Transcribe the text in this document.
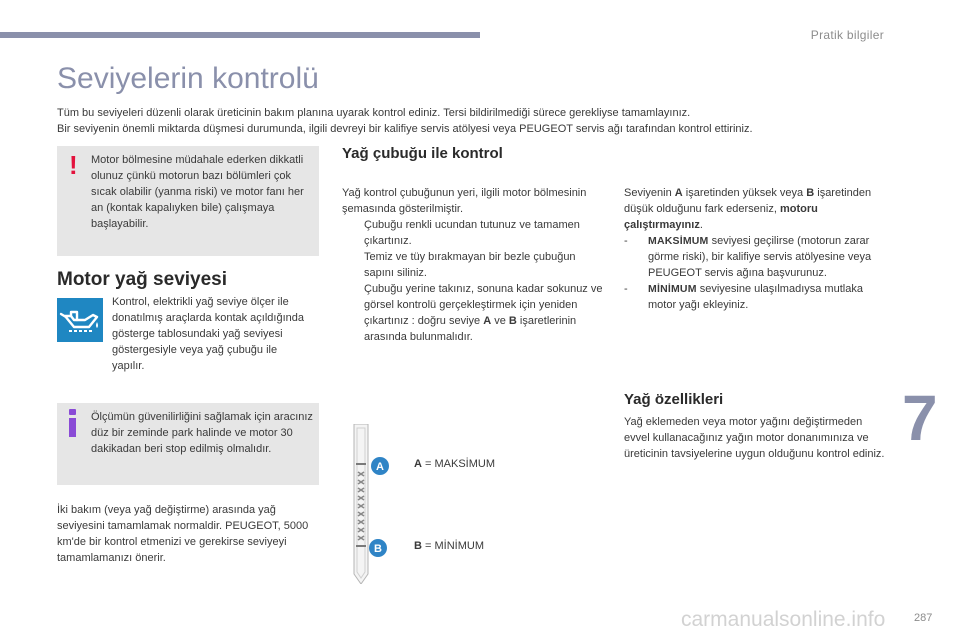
Pratik bilgiler
Seviyelerin kontrolü
Tüm bu seviyeleri düzenli olarak üreticinin bakım planına uyarak kontrol ediniz. Tersi bildirilmediği sürece gerekliyse tamamlayınız.
Bir seviyenin önemli miktarda düşmesi durumunda, ilgili devreyi bir kalifiye servis atölyesi veya PEUGEOT servis ağı tarafından kontrol ettiriniz.
! Motor bölmesine müdahale ederken dikkatli olunuz çünkü motorun bazı bölümleri çok sıcak olabilir (yanma riski) ve motor fanı her an (kontak kapalıyken bile) çalışmaya başlayabilir.

Motor yağ seviyesi

Kontrol, elektrikli yağ seviye ölçer ile donatılmış araçlarda kontak açıldığında gösterge tablosundaki yağ seviyesi göstergesiyle veya yağ çubuğu ile yapılır.

Ölçümün güvenilirliğini sağlamak için aracınız düz bir zeminde park halinde ve motor 30 dakikadan beri stop edilmiş olmalıdır.

İki bakım (veya yağ değiştirme) arasında yağ seviyesini tamamlamak normaldir. PEUGEOT, 5000 km'de bir kontrol etmenizi ve gerekirse seviyeyi tamamlamanızı önerir.

Yağ çubuğu ile kontrol

Yağ kontrol çubuğunun yeri, ilgili motor bölmesinin şemasında gösterilmiştir.

Çubuğu renkli ucundan tutunuz ve tamamen çıkartınız.

Temiz ve tüy bırakmayan bir bezle çubuğun sapını siliniz.

Çubuğu yerine takınız, sonuna kadar sokunuz ve görsel kontrolü gerçekleştirmek için yeniden çıkartınız : doğru seviye A ve B işaretlerinin arasında bulunmalıdır.

Seviyenin A işaretinden yüksek veya B işaretinden düşük olduğunu fark ederseniz, motoru çalıştırmayınız.

- MAKSİMUM seviyesi geçilirse (motorun zarar görme riski), bir kalifiye servis atölyesine veya PEUGEOT servis ağına başvurunuz.

- MİNİMUM seviyesine ulaşılmadıysa mutlaka motor yağı ekleyiniz.

A
B
A = MAKSİMUM
B = MİNİMUM
Yağ özellikleri

Yağ eklemeden veya motor yağını değiştirmeden evvel kullanacağınız yağın motor donanımınıza ve üreticinin tavsiyelerine uygun olduğunu kontrol ediniz. 7
287
carmanualsonline.info
